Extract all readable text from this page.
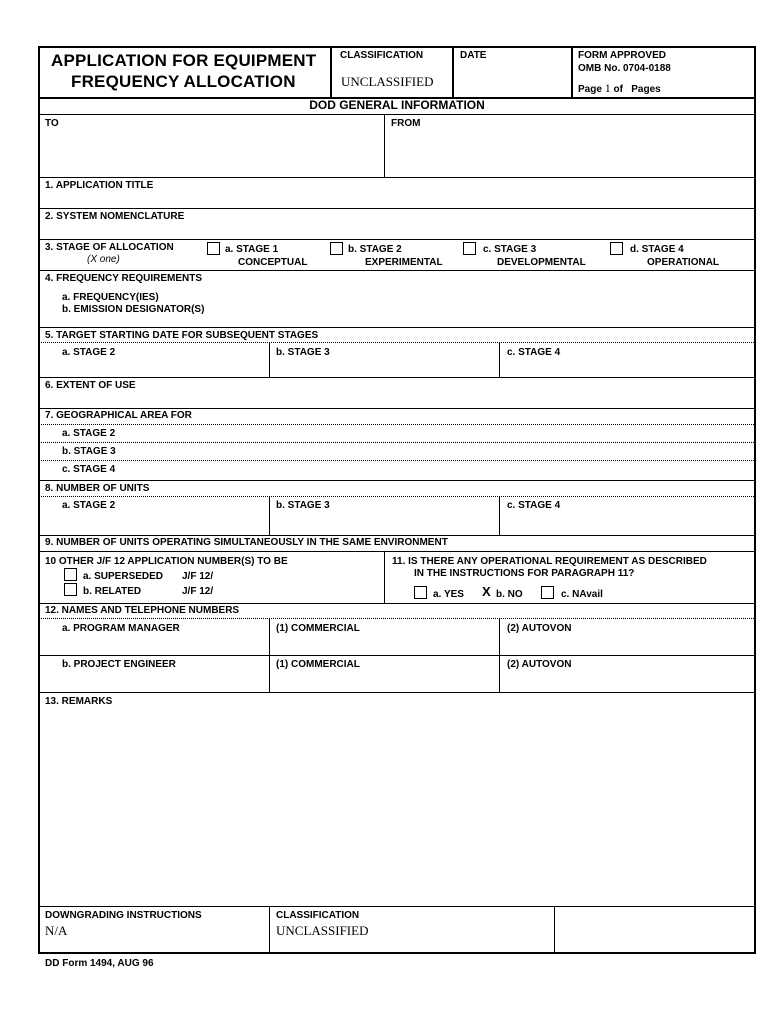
APPLICATION FOR EQUIPMENT
FREQUENCY ALLOCATION
CLASSIFICATION
UNCLASSIFIED
DATE	FORM APPROVED
OMB No. 0704-0188
Page 1 of Pages
DOD GENERAL INFORMATION
TO	FROM
1. APPLICATION TITLE
2. SYSTEM NOMENCLATURE
3. STAGE OF ALLOCATION
(X one)
a. STAGE 1
CONCEPTUAL
b. STAGE 2
EXPERIMENTAL
c. STAGE 3
DEVELOPMENTAL
d. STAGE 4
OPERATIONAL
4. FREQUENCY REQUIREMENTS
a. FREQUENCY(IES)
b. EMISSION DESIGNATOR(S)
5. TARGET STARTING DATE FOR SUBSEQUENT STAGES
a. STAGE 2	b. STAGE 3	c. STAGE 4
6. EXTENT OF USE
7. GEOGRAPHICAL AREA FOR
a. STAGE 2
b. STAGE 3
c. STAGE 4
8. NUMBER OF UNITS
a. STAGE 2	b. STAGE 3	c. STAGE 4
9. NUMBER OF UNITS OPERATING SIMULTANEOUSLY IN THE SAME ENVIRONMENT
10 OTHER J/F 12 APPLICATION NUMBER(S) TO BE
a. SUPERSEDED J/F 12/
b. RELATED	J/F 12/
11. IS THERE ANY OPERATIONAL REQUIREMENT AS DESCRIBED
IN THE INSTRUCTIONS FOR PARAGRAPH 11?
a. YES X b. NO	c. NAvail
12. NAMES AND TELEPHONE NUMBERS
a. PROGRAM MANAGER	(1) COMMERCIAL	(2) AUTOVON
b. PROJECT ENGINEER	(1) COMMERCIAL	(2) AUTOVON
13. REMARKS
DOWNGRADING INSTRUCTIONS
N/A
CLASSIFICATION
UNCLASSIFIED
DD Form 1494, AUG 96
